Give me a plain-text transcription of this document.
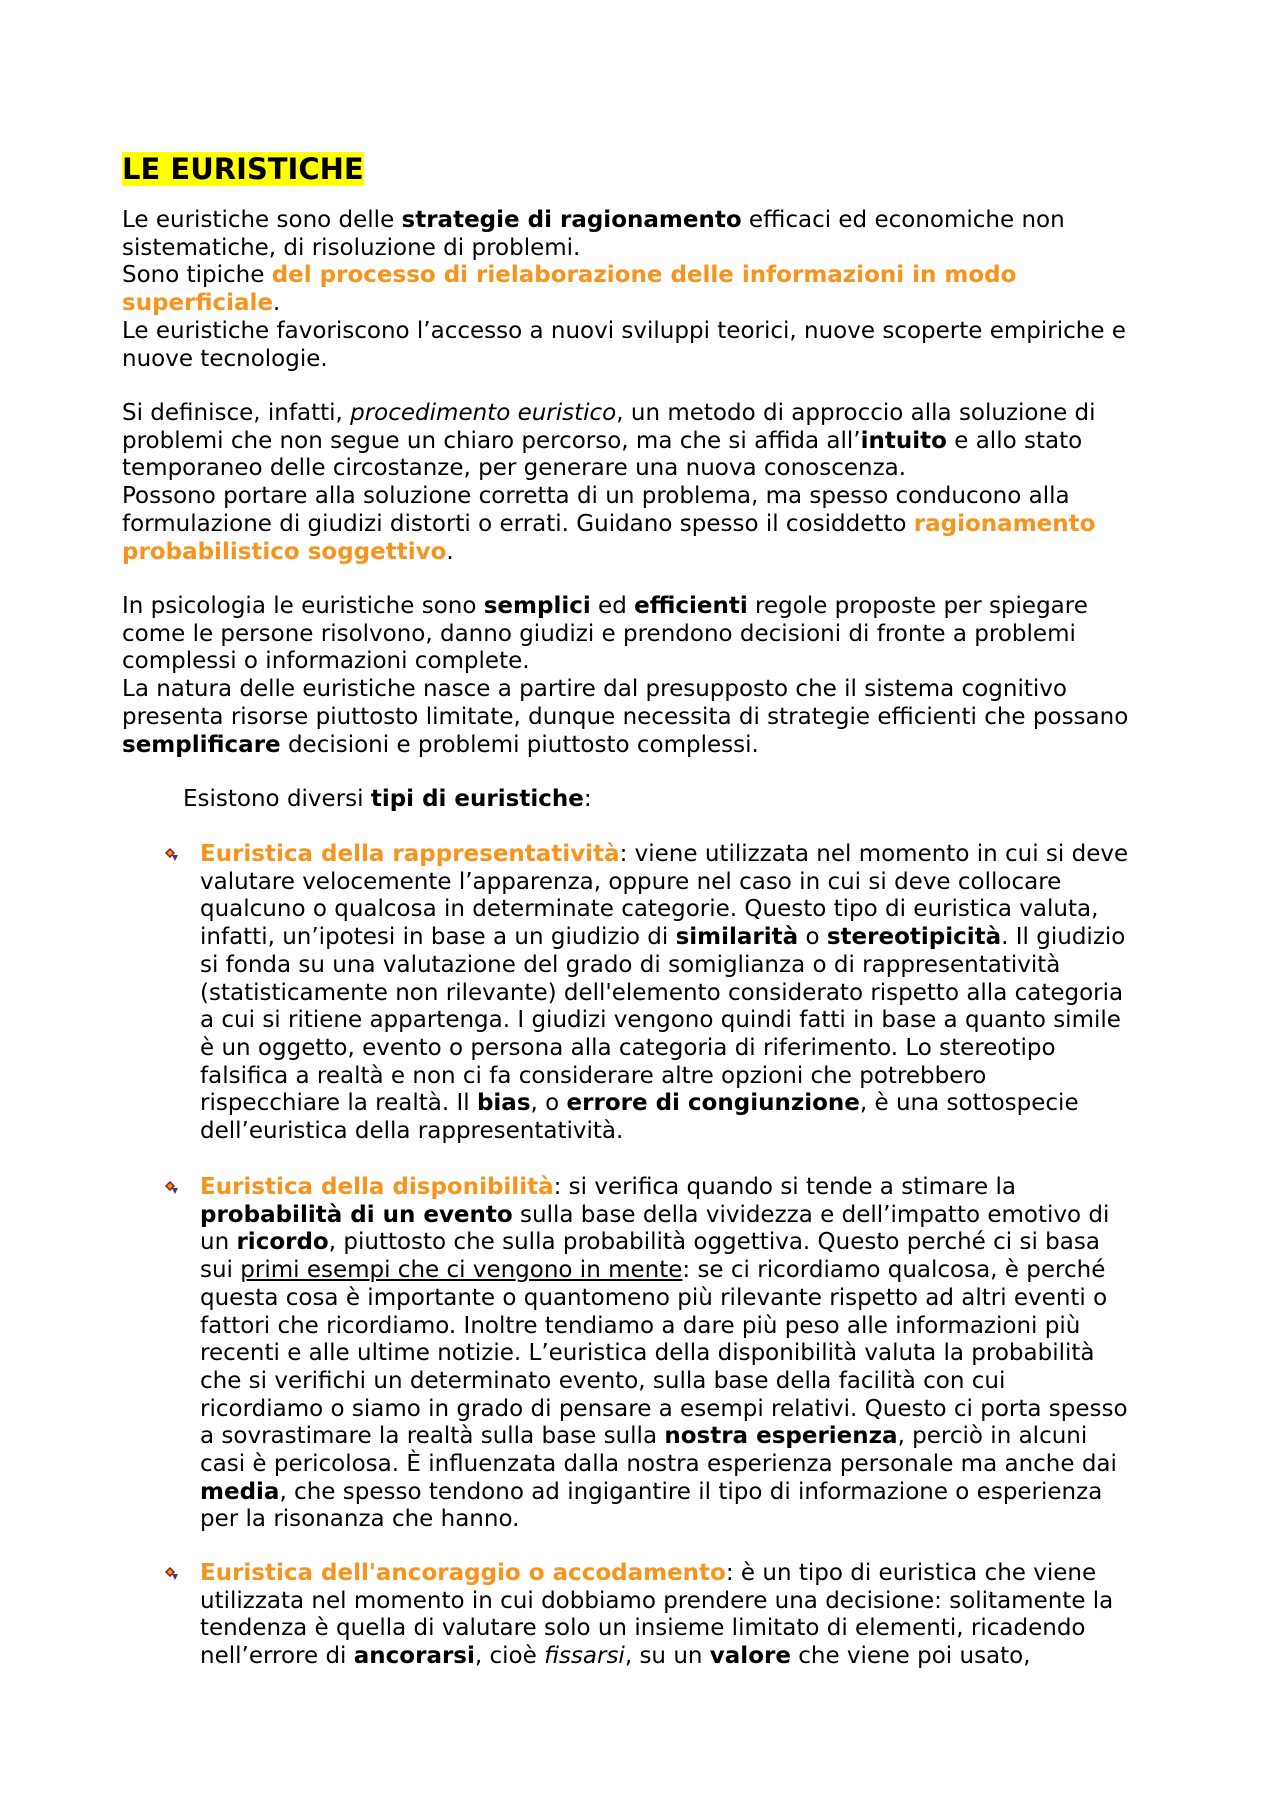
LE EURISTICHE

Le euristiche sono delle strategie di ragionamento efficaci ed economiche non
sistematiche, di risoluzione di problemi.
Sono tipiche del processo di rielaborazione delle informazioni in modo
superficiale.
Le euristiche favoriscono l’accesso a nuovi sviluppi teorici, nuove scoperte empiriche e
nuove tecnologie.

Si definisce, infatti, procedimento euristico, un metodo di approccio alla soluzione di
problemi che non segue un chiaro percorso, ma che si affida all’intuito e allo stato
temporaneo delle circostanze, per generare una nuova conoscenza.
Possono portare alla soluzione corretta di un problema, ma spesso conducono alla
formulazione di giudizi distorti o errati. Guidano spesso il cosiddetto ragionamento
probabilistico soggettivo.

In psicologia le euristiche sono semplici ed efficienti regole proposte per spiegare
come le persone risolvono, danno giudizi e prendono decisioni di fronte a problemi
complessi o informazioni complete.
La natura delle euristiche nasce a partire dal presupposto che il sistema cognitivo
presenta risorse piuttosto limitate, dunque necessita di strategie efficienti che possano
semplificare decisioni e problemi piuttosto complessi.

Esistono diversi tipi di euristiche:

Euristica della rappresentatività: viene utilizzata nel momento in cui si deve
valutare velocemente l’apparenza, oppure nel caso in cui si deve collocare
qualcuno o qualcosa in determinate categorie. Questo tipo di euristica valuta,
infatti, un’ipotesi in base a un giudizio di similarità o stereotipicità. Il giudizio
si fonda su una valutazione del grado di somiglianza o di rappresentatività
(statisticamente non rilevante) dell'elemento considerato rispetto alla categoria
a cui si ritiene appartenga. I giudizi vengono quindi fatti in base a quanto simile
è un oggetto, evento o persona alla categoria di riferimento. Lo stereotipo
falsifica a realtà e non ci fa considerare altre opzioni che potrebbero
rispecchiare la realtà. Il bias, o errore di congiunzione, è una sottospecie
dell’euristica della rappresentatività.
Euristica della disponibilità: si verifica quando si tende a stimare la
probabilità di un evento sulla base della vividezza e dell’impatto emotivo di
un ricordo, piuttosto che sulla probabilità oggettiva. Questo perché ci si basa
sui primi esempi che ci vengono in mente: se ci ricordiamo qualcosa, è perché
questa cosa è importante o quantomeno più rilevante rispetto ad altri eventi o
fattori che ricordiamo. Inoltre tendiamo a dare più peso alle informazioni più
recenti e alle ultime notizie. L’euristica della disponibilità valuta la probabilità
che si verifichi un determinato evento, sulla base della facilità con cui
ricordiamo o siamo in grado di pensare a esempi relativi. Questo ci porta spesso
a sovrastimare la realtà sulla base sulla nostra esperienza, perciò in alcuni
casi è pericolosa. È influenzata dalla nostra esperienza personale ma anche dai
media, che spesso tendono ad ingigantire il tipo di informazione o esperienza
per la risonanza che hanno.
Euristica dell'ancoraggio o accodamento: è un tipo di euristica che viene
utilizzata nel momento in cui dobbiamo prendere una decisione: solitamente la
tendenza è quella di valutare solo un insieme limitato di elementi, ricadendo
nell’errore di ancorarsi, cioè fissarsi, su un valore che viene poi usato,
